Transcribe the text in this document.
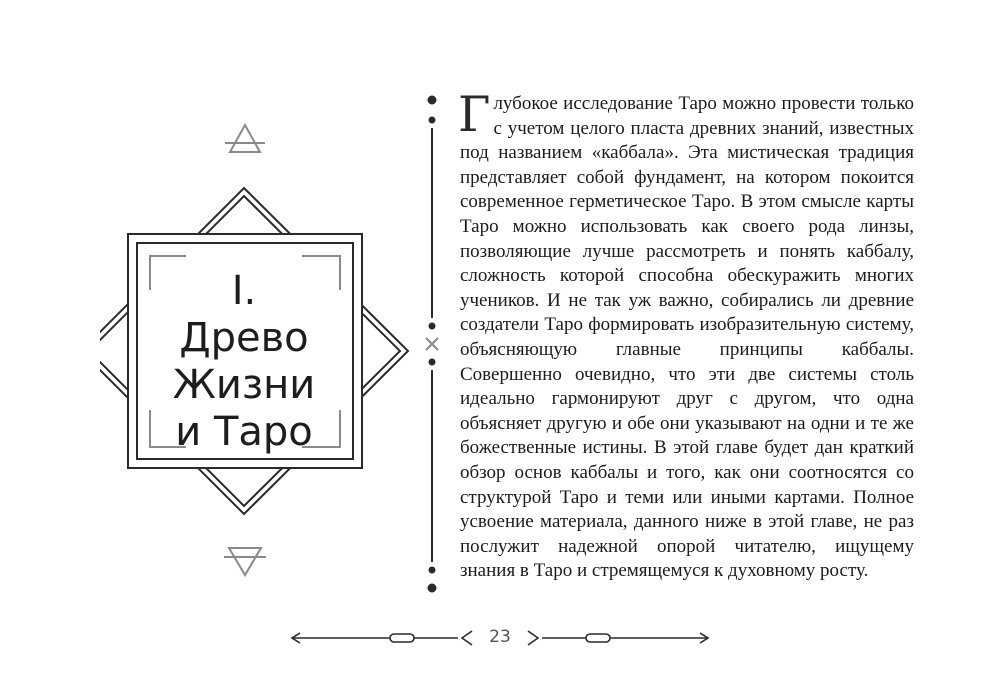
I.
Древо
Жизни
и Таро
Глубокое исследование Таро можно провести только с учетом целого пласта древних знаний, известных под названием «каббала». Эта мистическая традиция представляет собой фундамент, на котором покоится современное герметическое Таро. В этом смысле карты Таро можно использовать как своего рода линзы, позволяющие лучше рассмотреть и понять каббалу, сложность которой способна обескуражить многих учеников. И не так уж важно, собирались ли древние создатели Таро формировать изобразительную систему, объясняющую главные принципы каббалы. Совершенно очевидно, что эти две системы столь идеально гармонируют друг с другом, что одна объясняет другую и обе они указывают на одни и те же божественные истины. В этой главе будет дан краткий обзор основ каббалы и того, как они соотносятся со структурой Таро и теми или иными картами. Полное усвоение материала, данного ниже в этой главе, не раз послужит надежной опорой читателю, ищущему знания в Таро и стремящемуся к духовному росту.
23
